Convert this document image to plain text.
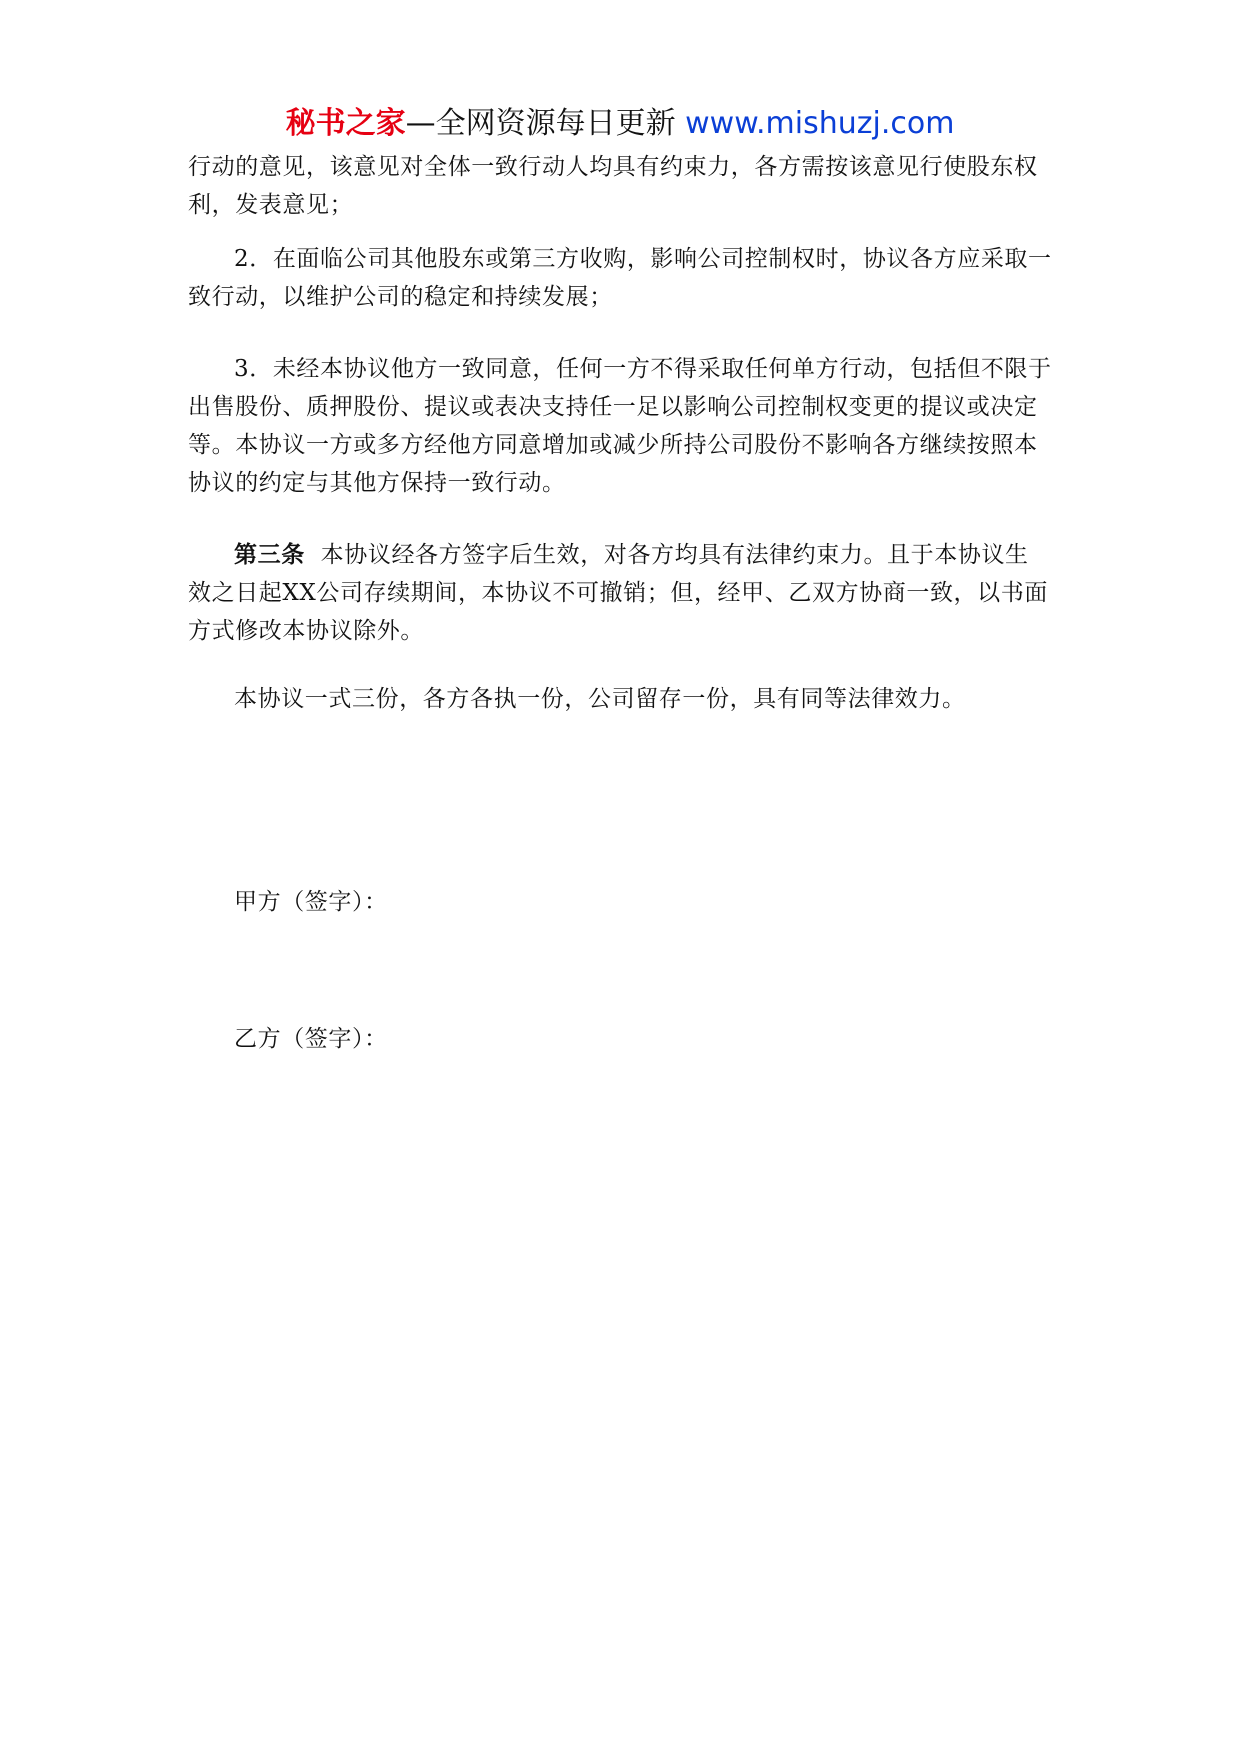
秘书之家—全网资源每日更新 www.mishuzj.com

行动的意见，该意见对全体一致行动人均具有约束力，各方需按该意见行使股东权利，发表意见；

2．在面临公司其他股东或第三方收购，影响公司控制权时，协议各方应采取一致行动，以维护公司的稳定和持续发展；

3．未经本协议他方一致同意，任何一方不得采取任何单方行动，包括但不限于出售股份、质押股份、提议或表决支持任一足以影响公司控制权变更的提议或决定等。本协议一方或多方经他方同意增加或减少所持公司股份不影响各方继续按照本协议的约定与其他方保持一致行动。

第三条 本协议经各方签字后生效，对各方均具有法律约束力。且于本协议生效之日起XX公司存续期间，本协议不可撤销；但，经甲、乙双方协商一致，以书面方式修改本协议除外。

本协议一式三份，各方各执一份，公司留存一份，具有同等法律效力。

甲方（签字）：
乙方（签字）：
